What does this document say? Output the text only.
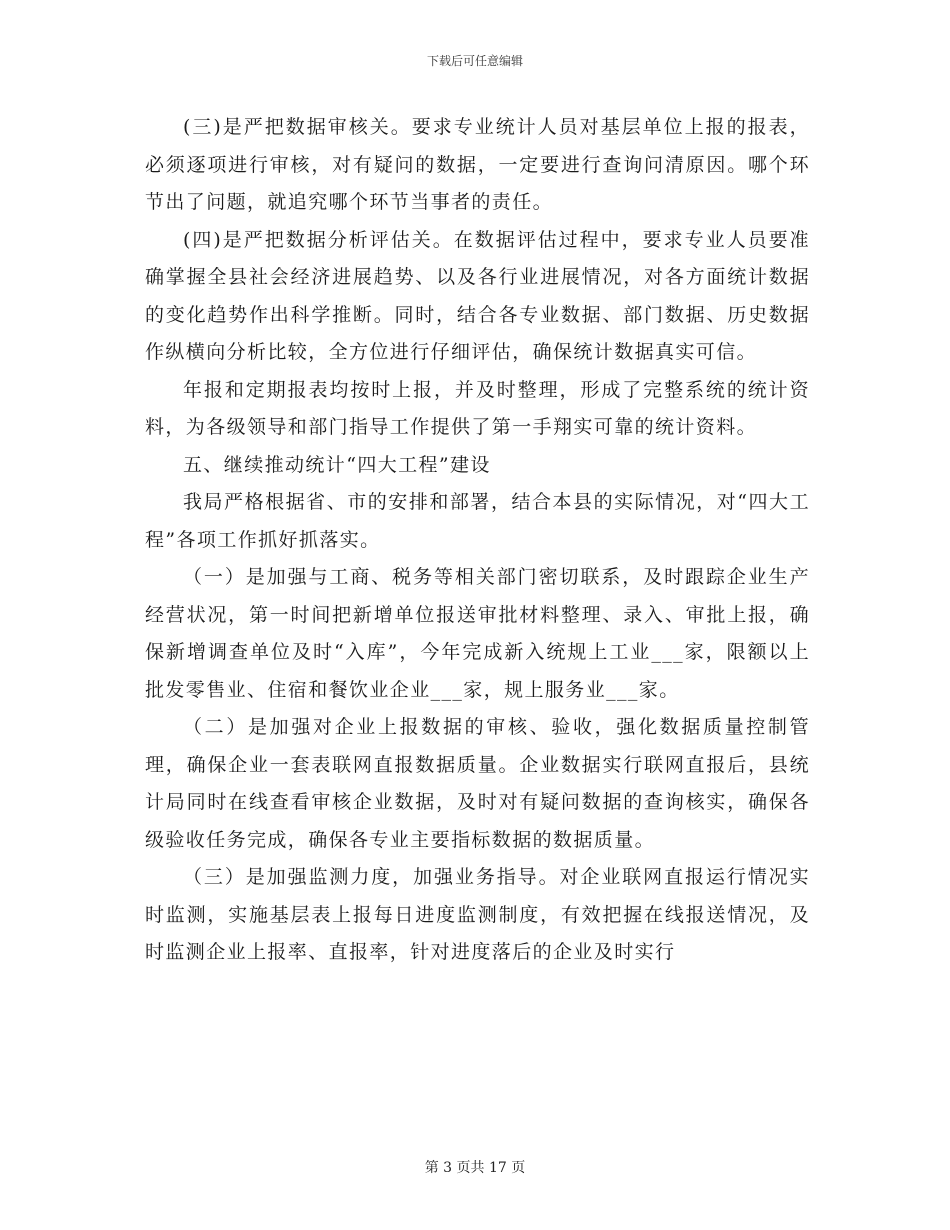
下载后可任意编辑

(三)是严把数据审核关。要求专业统计人员对基层单位上报的报表，必须逐项进行审核，对有疑问的数据，一定要进行查询问清原因。哪个环节出了问题，就追究哪个环节当事者的责任。

(四)是严把数据分析评估关。在数据评估过程中，要求专业人员要准确掌握全县社会经济进展趋势、以及各行业进展情况，对各方面统计数据的变化趋势作出科学推断。同时，结合各专业数据、部门数据、历史数据作纵横向分析比较，全方位进行仔细评估，确保统计数据真实可信。

年报和定期报表均按时上报，并及时整理，形成了完整系统的统计资料，为各级领导和部门指导工作提供了第一手翔实可靠的统计资料。

五、继续推动统计“四大工程”建设

我局严格根据省、市的安排和部署，结合本县的实际情况，对“四大工程”各项工作抓好抓落实。

（一）是加强与工商、税务等相关部门密切联系，及时跟踪企业生产经营状况，第一时间把新增单位报送审批材料整理、录入、审批上报，确保新增调查单位及时“入库”，今年完成新入统规上工业___家，限额以上批发零售业、住宿和餐饮业企业___家，规上服务业___家。

（二）是加强对企业上报数据的审核、验收，强化数据质量控制管理，确保企业一套表联网直报数据质量。企业数据实行联网直报后，县统计局同时在线查看审核企业数据，及时对有疑问数据的查询核实，确保各级验收任务完成，确保各专业主要指标数据的数据质量。

（三）是加强监测力度，加强业务指导。对企业联网直报运行情况实时监测，实施基层表上报每日进度监测制度，有效把握在线报送情况，及时监测企业上报率、直报率，针对进度落后的企业及时实行

第 3 页共 17 页
